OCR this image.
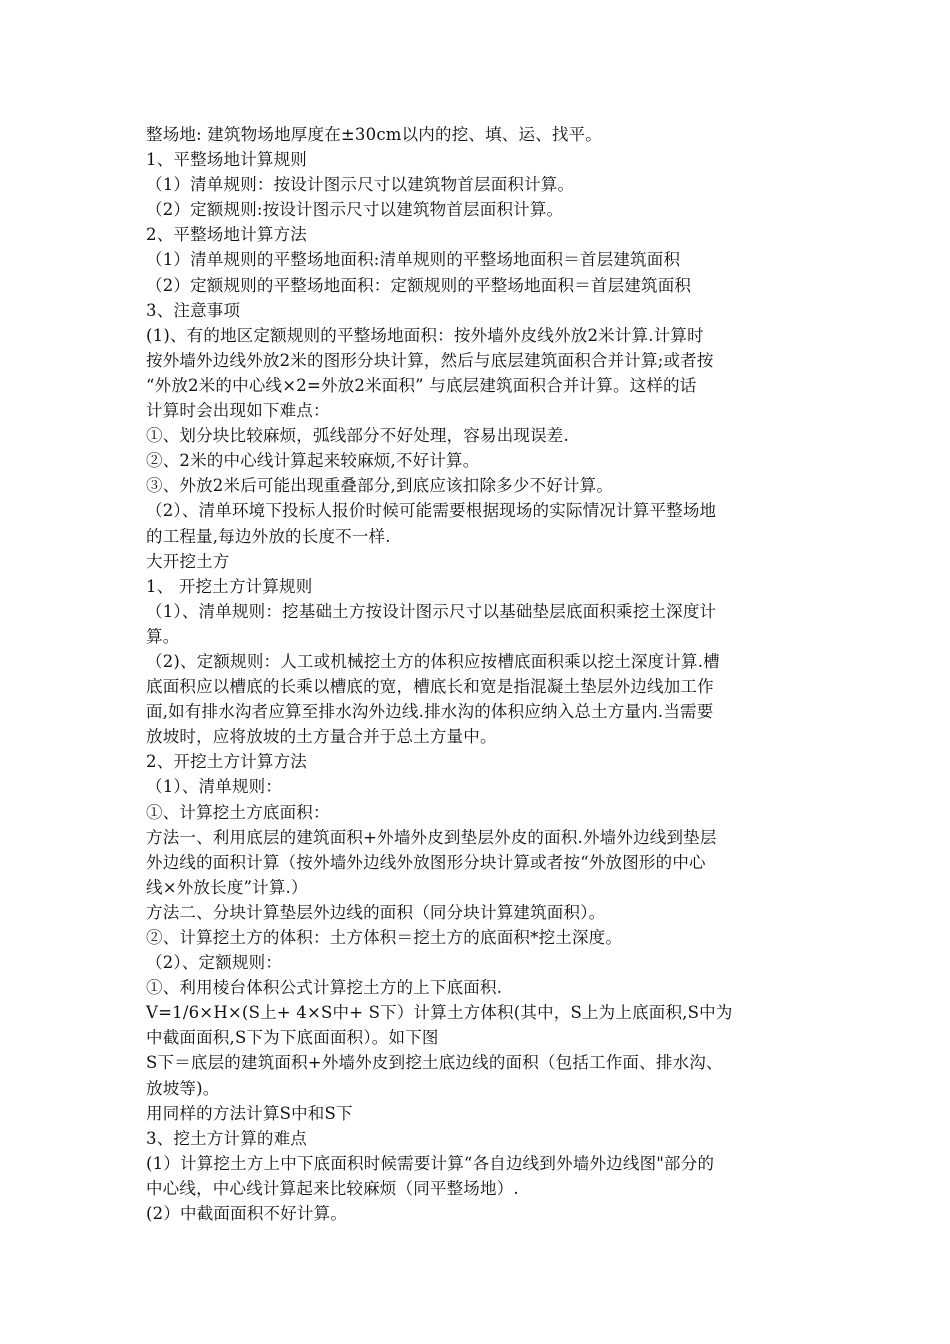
整场地: 建筑物场地厚度在±30cm以内的挖、填、运、找平。
1、平整场地计算规则
（1）清单规则：按设计图示尺寸以建筑物首层面积计算。
（2）定额规则:按设计图示尺寸以建筑物首层面积计算。
2、平整场地计算方法
（1）清单规则的平整场地面积:清单规则的平整场地面积＝首层建筑面积
（2）定额规则的平整场地面积：定额规则的平整场地面积＝首层建筑面积
3、注意事项
(1)、有的地区定额规则的平整场地面积：按外墙外皮线外放2米计算.计算时
按外墙外边线外放2米的图形分块计算，然后与底层建筑面积合并计算;或者按
“外放2米的中心线×2=外放2米面积” 与底层建筑面积合并计算。这样的话
计算时会出现如下难点：
①、划分块比较麻烦，弧线部分不好处理，容易出现误差.
②、2米的中心线计算起来较麻烦,不好计算。
③、外放2米后可能出现重叠部分,到底应该扣除多少不好计算。
（2）、清单环境下投标人报价时候可能需要根据现场的实际情况计算平整场地
的工程量,每边外放的长度不一样.
大开挖土方
1、 开挖土方计算规则
（1）、清单规则：挖基础土方按设计图示尺寸以基础垫层底面积乘挖土深度计
算。
（2)、定额规则：人工或机械挖土方的体积应按槽底面积乘以挖土深度计算.槽
底面积应以槽底的长乘以槽底的宽，槽底长和宽是指混凝土垫层外边线加工作
面,如有排水沟者应算至排水沟外边线.排水沟的体积应纳入总土方量内.当需要
放坡时，应将放坡的土方量合并于总土方量中。
2、开挖土方计算方法
（1）、清单规则：
①、计算挖土方底面积：
方法一、利用底层的建筑面积+外墙外皮到垫层外皮的面积.外墙外边线到垫层
外边线的面积计算（按外墙外边线外放图形分块计算或者按“外放图形的中心
线×外放长度”计算.）
方法二、分块计算垫层外边线的面积（同分块计算建筑面积）。
②、计算挖土方的体积：土方体积＝挖土方的底面积*挖土深度。
（2）、定额规则：
①、利用棱台体积公式计算挖土方的上下底面积.
V=1/6×H×(S上+ 4×S中+ S下）计算土方体积(其中，S上为上底面积,S中为
中截面面积,S下为下底面面积）。如下图
S下＝底层的建筑面积+外墙外皮到挖土底边线的面积（包括工作面、排水沟、
放坡等)。
用同样的方法计算S中和S下
3、挖土方计算的难点
(1）计算挖土方上中下底面积时候需要计算“各自边线到外墙外边线图"部分的
中心线，中心线计算起来比较麻烦（同平整场地）.
(2）中截面面积不好计算。
